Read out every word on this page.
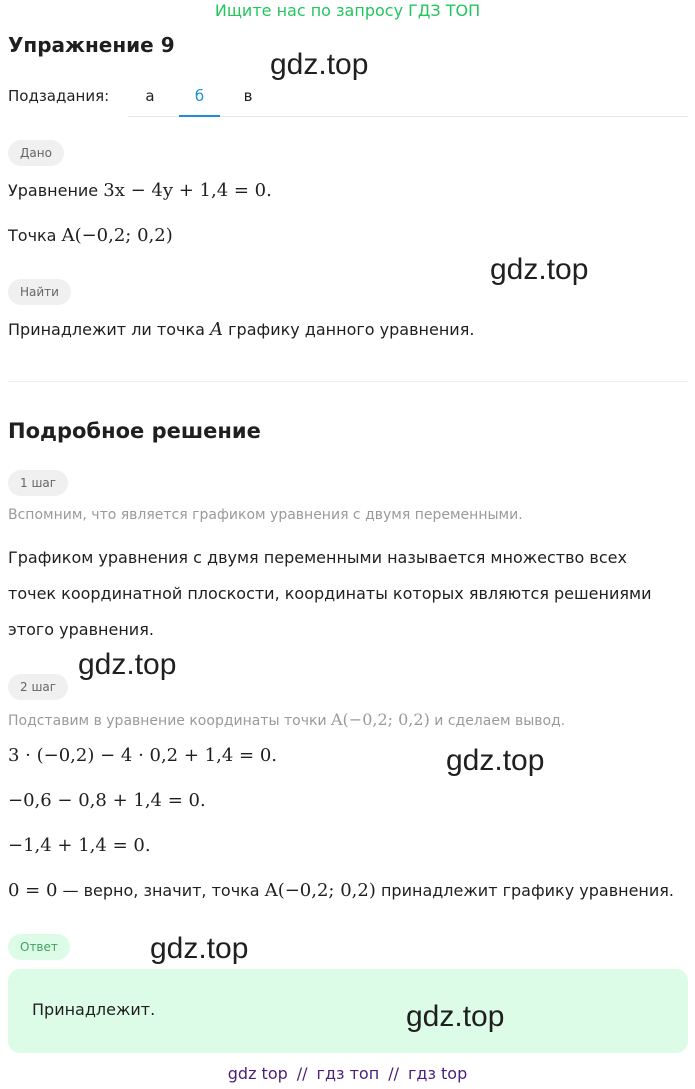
Ищите нас по запросу ГДЗ ТОП
Упражнение 9
Подзадания:	а	б	в
Дано
Уравнение 3x − 4y + 1,4 = 0.
Точка A(−0,2; 0,2)
Найти
Принадлежит ли точка A графику данного уравнения.
Подробное решение
1 шаг
Вспомним, что является графиком уравнения с двумя переменными.
Графиком уравнения с двумя переменными называется множество всех точек координатной плоскости, координаты которых являются решениями этого уравнения.
2 шаг
Подставим в уравнение координаты точки A(−0,2; 0,2) и сделаем вывод.
3 · (−0,2) − 4 · 0,2 + 1,4 = 0.
−0,6 − 0,8 + 1,4 = 0.
−1,4 + 1,4 = 0.
0 = 0 — верно, значит, точка A(−0,2; 0,2) принадлежит графику уравнения.
Ответ
Принадлежит.
gdz.top
gdz.top
gdz.top
gdz.top
gdz.top
gdz.top
gdz top // гдз топ // гдз top
